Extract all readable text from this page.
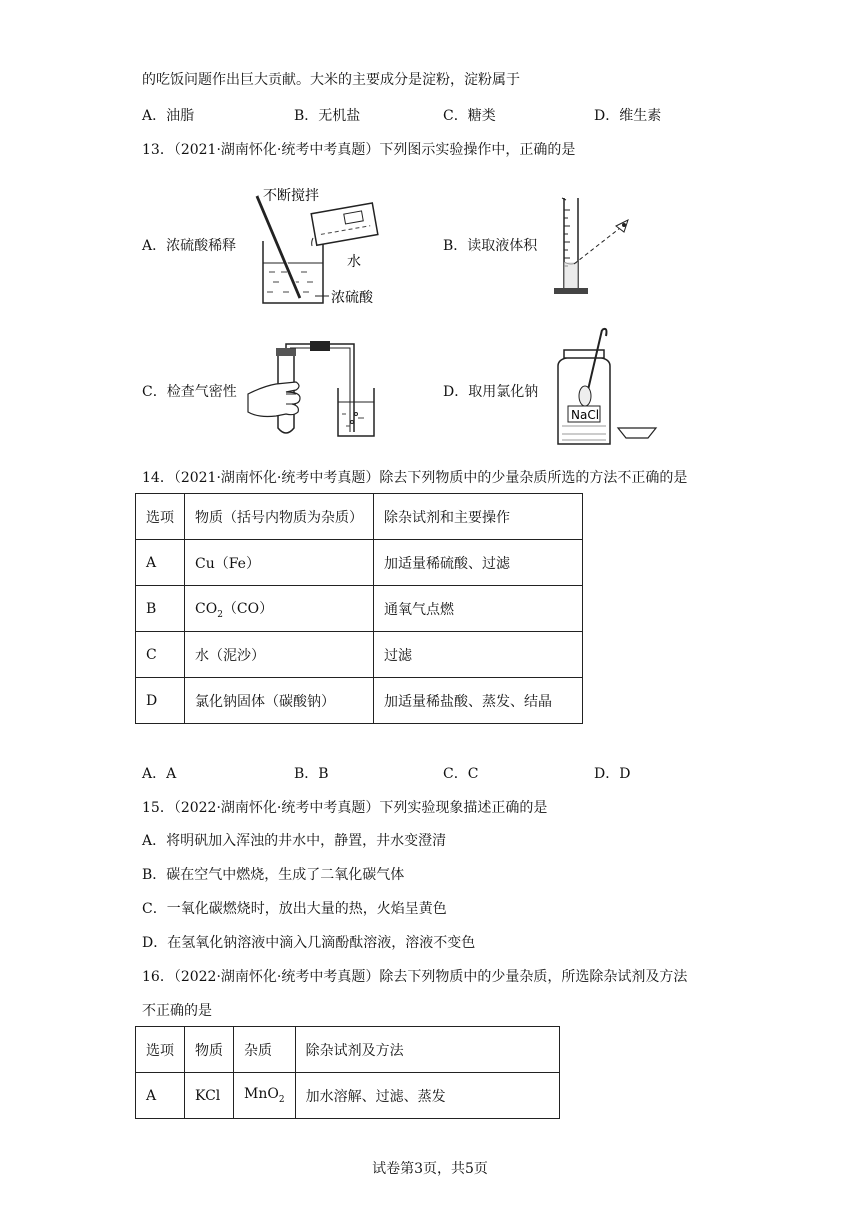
的吃饭问题作出巨大贡献。大米的主要成分是淀粉，淀粉属于
A．油脂	B．无机盐	C．糖类	D．维生素
13．（2021·湖南怀化·统考中考真题）下列图示实验操作中，正确的是
A．浓硫酸稀释
不断搅拌
水
浓硫酸
B．读取液体积
C．检查气密性	D．取用氯化钠
NaCl
14．（2021·湖南怀化·统考中考真题）除去下列物质中的少量杂质所选的方法不正确的是
选项	物质（括号内物质为杂质）	除杂试剂和主要操作
A	Cu（Fe）	加适量稀硫酸、过滤
B	$CO_2(CO)$	通氧气点燃
C	水（泥沙）	过滤
D	氯化钠固体（碳酸钠）	加适量稀盐酸、蒸发、结晶
A．A	B．B	C．C	D．D
15．（2022·湖南怀化·统考中考真题）下列实验现象描述正确的是
A．将明矾加入浑浊的井水中，静置，井水变澄清
B．碳在空气中燃烧，生成了二氧化碳气体
C．一氧化碳燃烧时，放出大量的热，火焰呈黄色
D．在氢氧化钠溶液中滴入几滴酚酞溶液，溶液不变色
16．（2022·湖南怀化·统考中考真题）除去下列物质中的少量杂质，所选除杂试剂及方法
不正确的是
选项	物质	杂质	除杂试剂及方法
A	KCl	MnO$_2$	加水溶解、过滤、蒸发
试卷第3页，共5页
